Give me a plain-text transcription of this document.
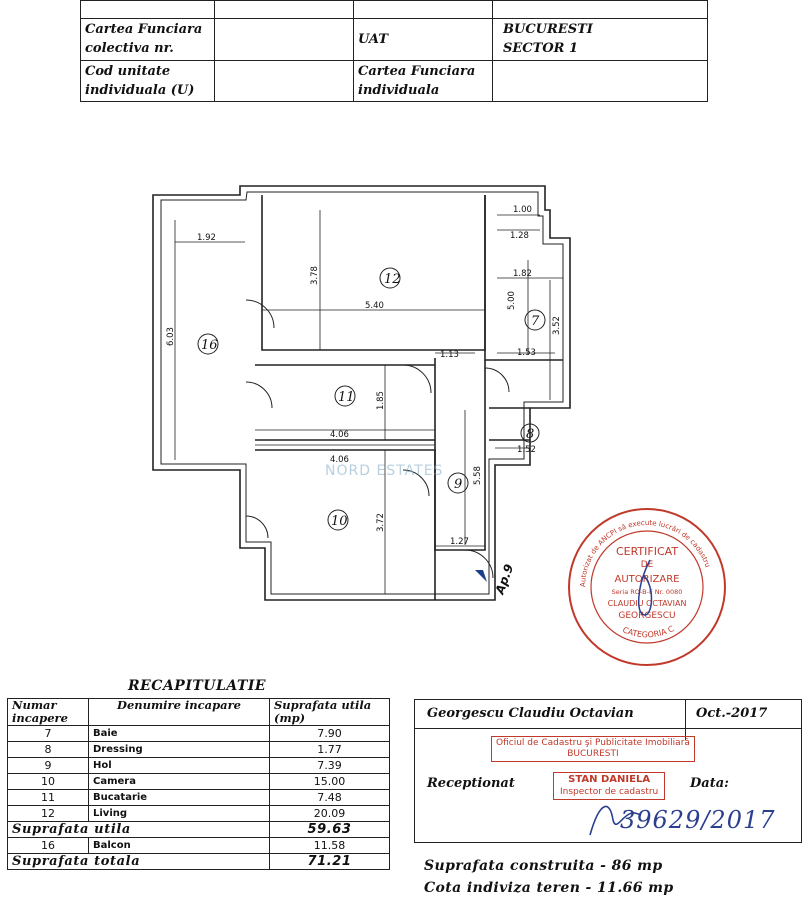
Cartea Funciara colectiva nr.		UAT	BUCURESTI
SECTOR 1

Cod unitate individuala (U)		Cartea Funciara individuala	
1.92
3.78
5.40
6.03
1.00
1.28
1.82
5.00
3.52
1.13	1.53
1.85
4.06
4.06
1.52
5.58
3.72
1.27
12
7
16
11
8
9
10
Ap.9
NORD ESTATES
Autorizat de ANCPI să execute lucrări de cadastru
CATEGORIA C
CERTIFICAT
DE
AUTORIZARE
Seria RO-B-F Nr. 0080
CLAUDIU OCTAVIAN
GEORGESCU
RECAPITULATIE
Numar incapere	Denumire incapare	Suprafata utila (mp)
7	Baie	7.90
8	Dressing	1.77
9	Hol	7.39
10	Camera	15.00
11	Bucatarie	7.48
12	Living	20.09
Suprafata utila		59.63
16	Balcon	11.58
Suprafata totala		71.21
Georgescu Claudiu Octavian	Oct.-2017
Oficiul de Cadastru şi Publicitate Imobiliară
BUCURESTI
Receptionat	STAN DANIELA
Inspector de cadastru
Data:
39629/2017
Suprafata construita - 86 mp
Cota indiviza teren - 11.66 mp
